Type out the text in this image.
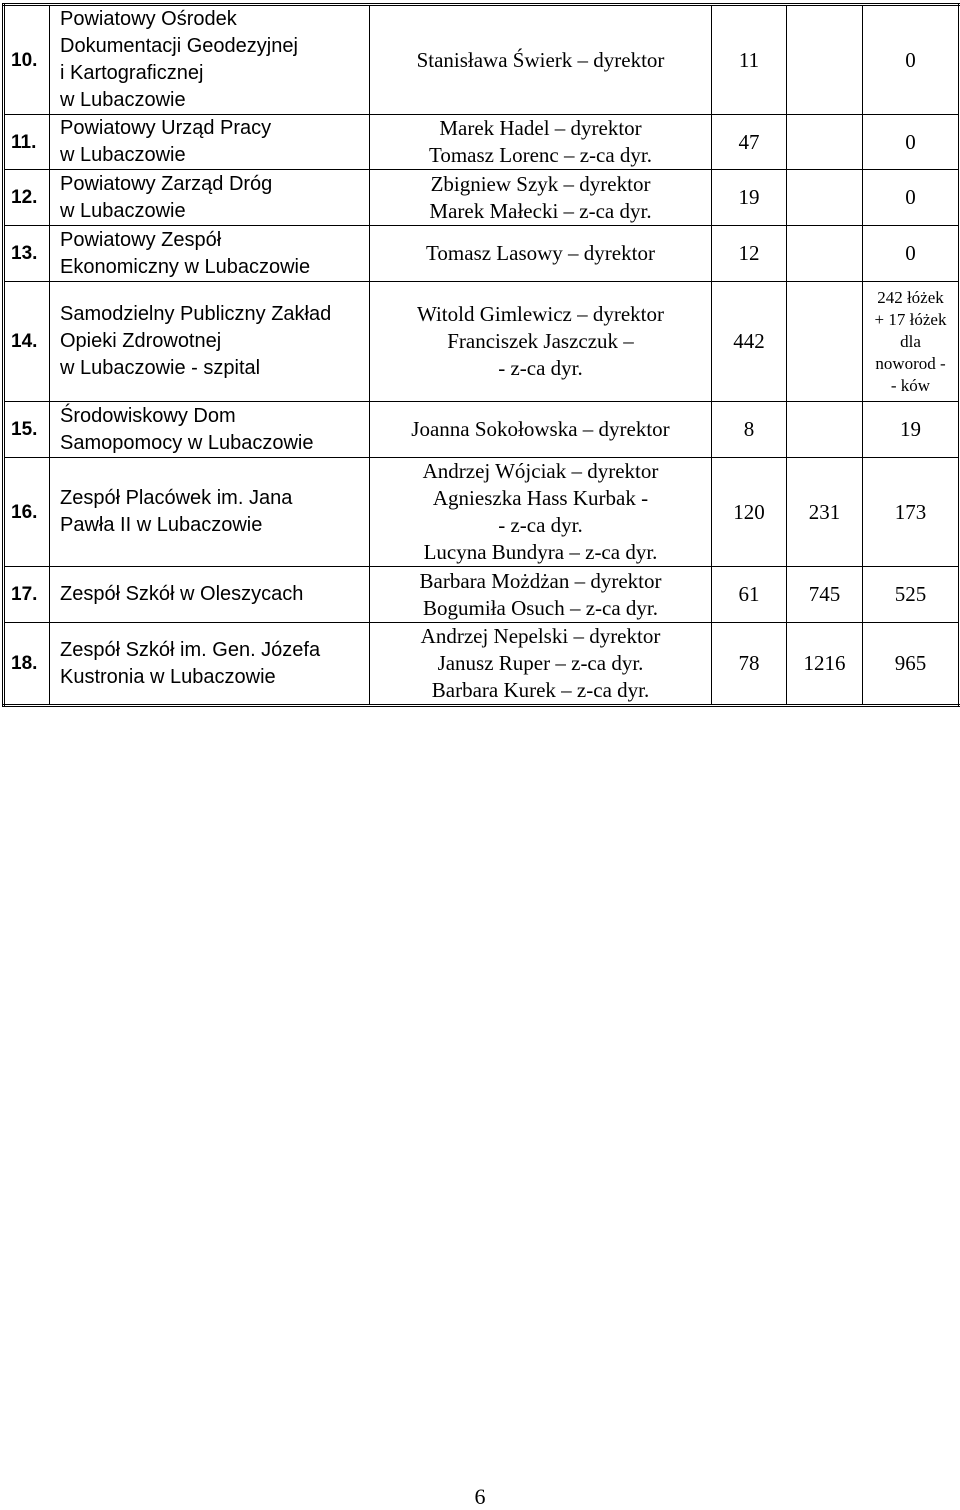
10.	Powiatowy Ośrodek
Dokumentacji Geodezyjnej
i Kartograficznej
w Lubaczowie	Stanisława Świerk – dyrektor	11		0
11.	Powiatowy Urząd Pracy
w Lubaczowie	Marek Hadel – dyrektor
Tomasz Lorenc – z-ca dyr.	47		0
12.	Powiatowy Zarząd Dróg
w Lubaczowie	Zbigniew Szyk – dyrektor
Marek Małecki – z-ca dyr.	19		0
13.	Powiatowy Zespół
Ekonomiczny w Lubaczowie	Tomasz Lasowy – dyrektor	12		0
14.	Samodzielny Publiczny Zakład
Opieki Zdrowotnej
w Lubaczowie - szpital	Witold Gimlewicz – dyrektor
Franciszek Jaszczuk –
- z-ca dyr.	442		242 łóżek
+ 17 łóżek
dla
noworod -
- ków

15.	Środowiskowy Dom
Samopomocy w Lubaczowie	Joanna Sokołowska – dyrektor	8		19
16.	Zespół Placówek im. Jana
Pawła II w Lubaczowie	Andrzej Wójciak – dyrektor
Agnieszka Hass Kurbak -
- z-ca dyr.
Lucyna Bundyra – z-ca dyr.	120	231	173
17.	Zespół Szkół w Oleszycach	Barbara Możdżan – dyrektor
Bogumiła Osuch – z-ca dyr.	61	745	525
18.	Zespół Szkół im. Gen. Józefa
Kustronia w Lubaczowie	Andrzej Nepelski – dyrektor
Janusz Ruper – z-ca dyr.
Barbara Kurek – z-ca dyr.	78	1216	965
6
